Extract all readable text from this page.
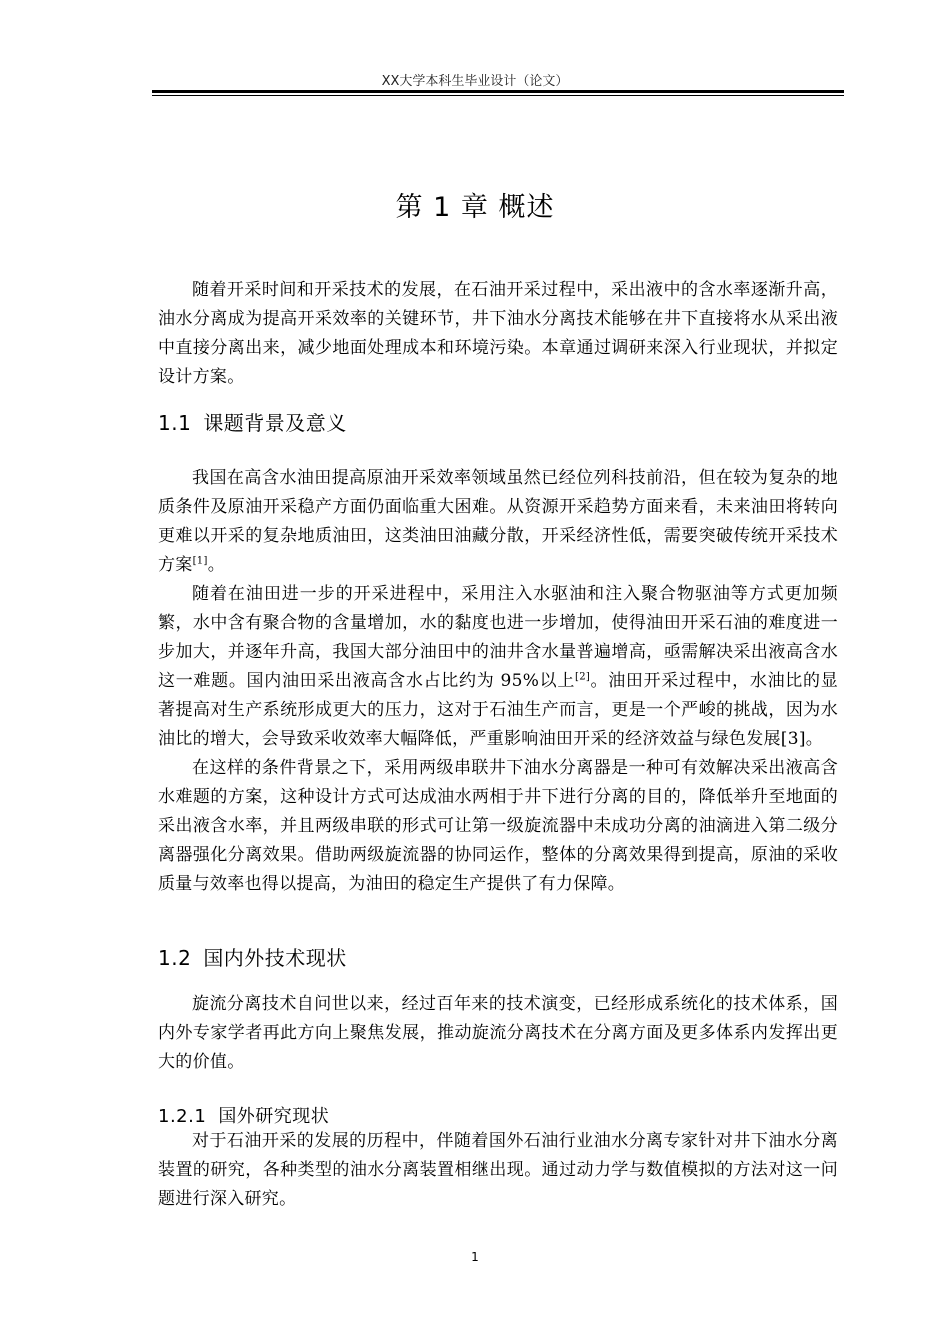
XX大学本科生毕业设计（论文）
第 1 章 概述

随着开采时间和开采技术的发展，在石油开采过程中，采出液中的含水率逐渐升高，油水分离成为提高开采效率的关键环节，井下油水分离技术能够在井下直接将水从采出液中直接分离出来，减少地面处理成本和环境污染。本章通过调研来深入行业现状，并拟定设计方案。

1.1 课题背景及意义

我国在高含水油田提高原油开采效率领域虽然已经位列科技前沿，但在较为复杂的地质条件及原油开采稳产方面仍面临重大困难。从资源开采趋势方面来看，未来油田将转向更难以开采的复杂地质油田，这类油田油藏分散，开采经济性低，需要突破传统开采技术方案[1]。

随着在油田进一步的开采进程中，采用注入水驱油和注入聚合物驱油等方式更加频繁，水中含有聚合物的含量增加，水的黏度也进一步增加，使得油田开采石油的难度进一步加大，并逐年升高，我国大部分油田中的油井含水量普遍增高，亟需解决采出液高含水这一难题。国内油田采出液高含水占比约为 95%以上[2]。油田开采过程中，水油比的显著提高对生产系统形成更大的压力，这对于石油生产而言，更是一个严峻的挑战，因为水油比的增大，会导致采收效率大幅降低，严重影响油田开采的经济效益与绿色发展[3]。

在这样的条件背景之下，采用两级串联井下油水分离器是一种可有效解决采出液高含水难题的方案，这种设计方式可达成油水两相于井下进行分离的目的，降低举升至地面的采出液含水率，并且两级串联的形式可让第一级旋流器中未成功分离的油滴进入第二级分离器强化分离效果。借助两级旋流器的协同运作，整体的分离效果得到提高，原油的采收质量与效率也得以提高，为油田的稳定生产提供了有力保障。

1.2 国内外技术现状

旋流分离技术自问世以来，经过百年来的技术演变，已经形成系统化的技术体系，国内外专家学者再此方向上聚焦发展，推动旋流分离技术在分离方面及更多体系内发挥出更大的价值。

1.2.1 国外研究现状

对于石油开采的发展的历程中，伴随着国外石油行业油水分离专家针对井下油水分离装置的研究，各种类型的油水分离装置相继出现。通过动力学与数值模拟的方法对这一问题进行深入研究。

1
